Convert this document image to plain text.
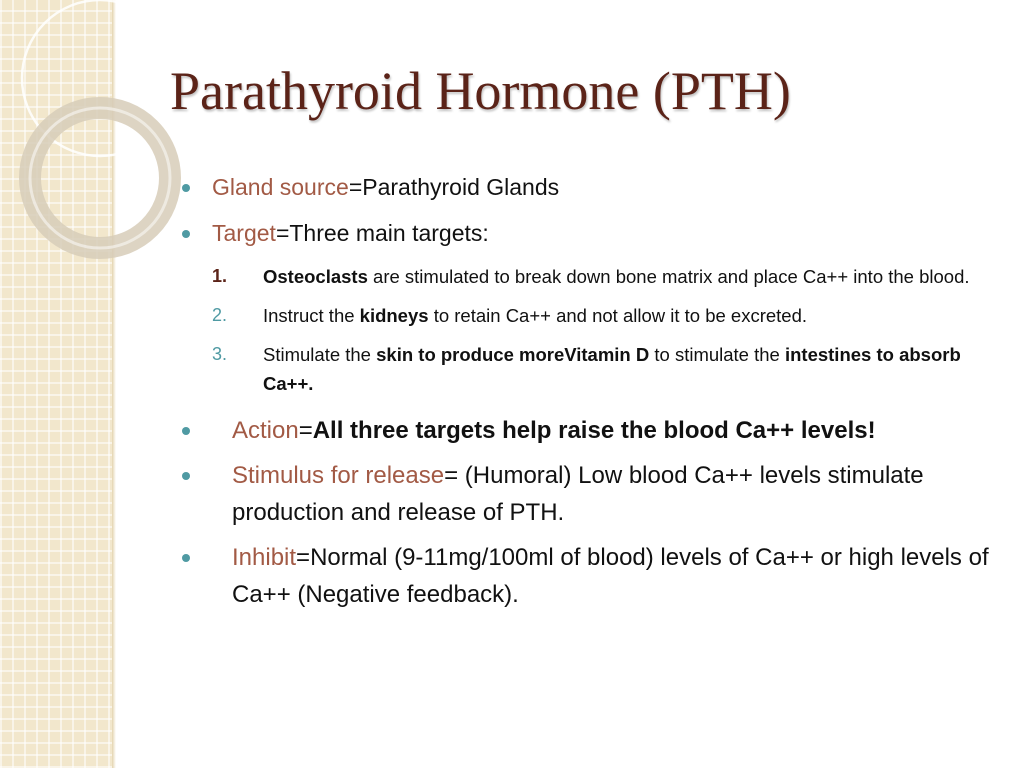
Parathyroid Hormone (PTH)
Gland source=Parathyroid Glands
Target=Three main targets:
1. Osteoclasts are stimulated to break down bone matrix and place Ca++ into the blood.
2. Instruct the kidneys to retain Ca++ and not allow it to be excreted.
3. Stimulate the skin to produce moreVitamin D to stimulate the intestines to absorb Ca++.
Action=All three targets help raise the blood Ca++ levels!
Stimulus for release= (Humoral) Low blood Ca++ levels stimulate production and release of PTH.
Inhibit=Normal (9-11mg/100ml of blood) levels of Ca++ or high levels of Ca++ (Negative feedback).
